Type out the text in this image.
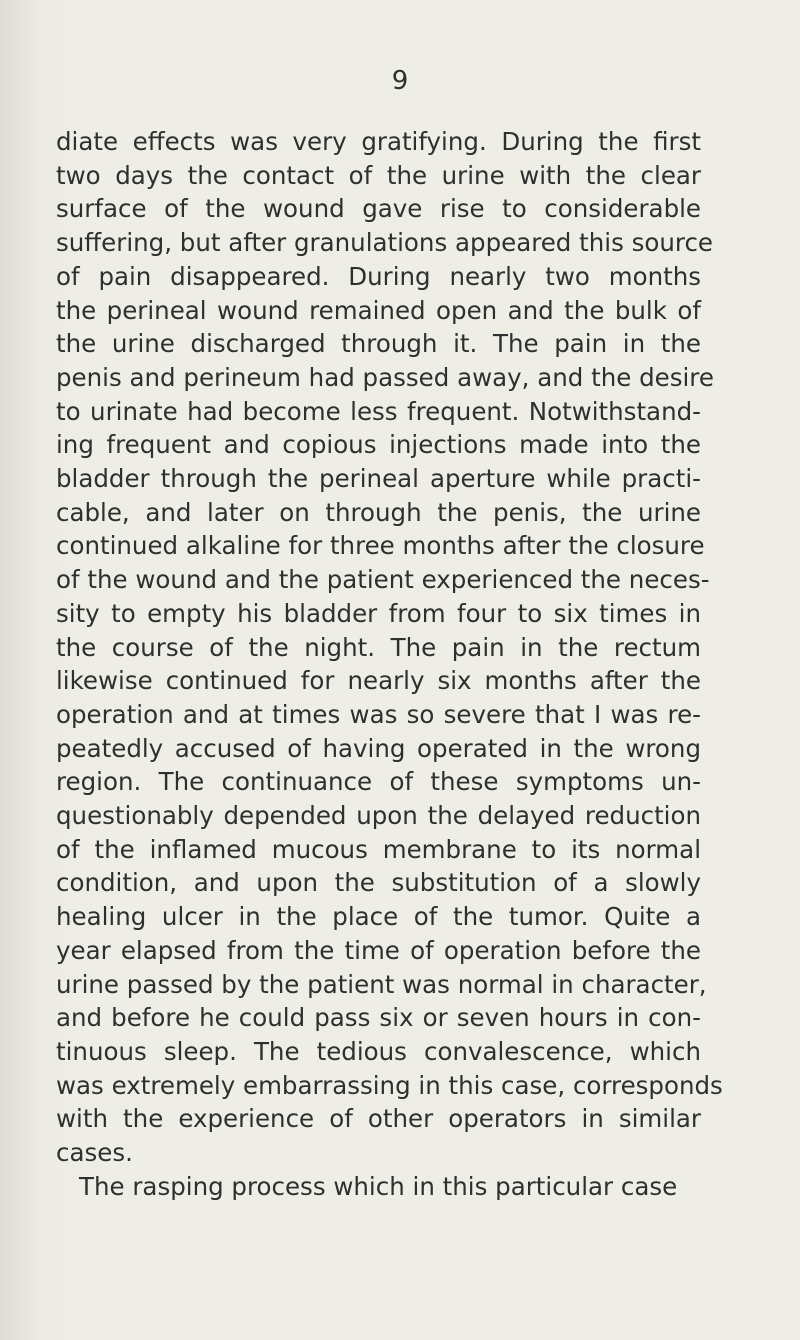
9
diate effects was very gratifying. During the first
two days the contact of the urine with the clear
surface of the wound gave rise to considerable
suffering, but after granulations appeared this source
of pain disappeared. During nearly two months
the perineal wound remained open and the bulk of
the urine discharged through it. The pain in the
penis and perineum had passed away, and the desire
to urinate had become less frequent. Notwithstand-
ing frequent and copious injections made into the
bladder through the perineal aperture while practi-
cable, and later on through the penis, the urine
continued alkaline for three months after the closure
of the wound and the patient experienced the neces-
sity to empty his bladder from four to six times in
the course of the night. The pain in the rectum
likewise continued for nearly six months after the
operation and at times was so severe that I was re-
peatedly accused of having operated in the wrong
region. The continuance of these symptoms un-
questionably depended upon the delayed reduction
of the inflamed mucous membrane to its normal
condition, and upon the substitution of a slowly
healing ulcer in the place of the tumor. Quite a
year elapsed from the time of operation before the
urine passed by the patient was normal in character,
and before he could pass six or seven hours in con-
tinuous sleep. The tedious convalescence, which
was extremely embarrassing in this case, corresponds
with the experience of other operators in similar
cases.
The rasping process which in this particular case
